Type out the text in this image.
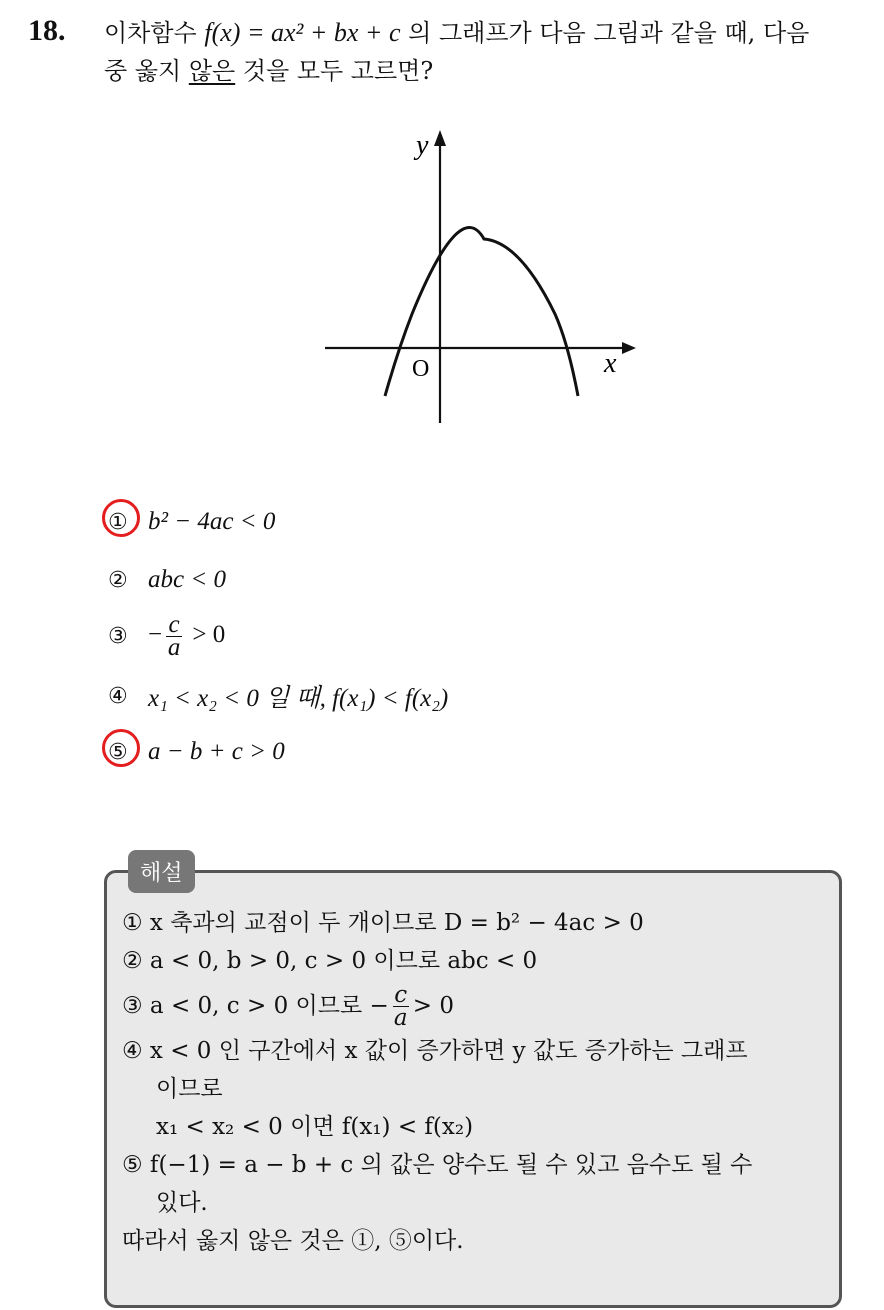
18. 이차함수 f(x) = ax² + bx + c 의 그래프가 다음 그림과 같을 때, 다음
중 옳지 않은 것을 모두 고르면?
y
x
O
① b² − 4ac < 0
② abc < 0
③ − $\frac{c}{a} > 0$
④ x₁ < x₂ < 0 일 때, f(x₁) < f(x₂)
⑤ a − b + c > 0
해설
① x 축과의 교점이 두 개이므로 D = b² − 4ac > 0
② a < 0, b > 0, c > 0 이므로 abc < 0
③ a < 0, c > 0 이므로 − $\frac{c}{a} > 0$
④ x < 0 인 구간에서 x 값이 증가하면 y 값도 증가하는 그래프
이므로
x₁ < x₂ < 0 이면 f(x₁) < f(x₂)
⑤ f(−1) = a − b + c 의 값은 양수도 될 수 있고 음수도 될 수
있다.
따라서 옳지 않은 것은 ①, ⑤이다.
